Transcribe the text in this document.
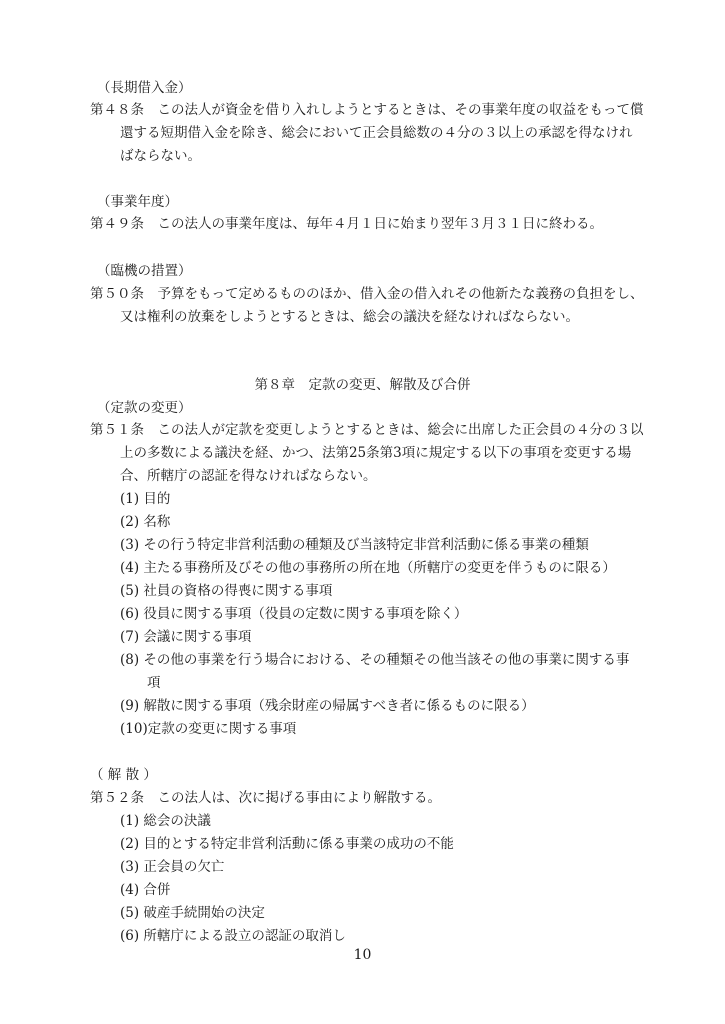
（長期借入金）
第４８条　この法人が資金を借り入れしようとするときは、その事業年度の収益をもって償
還する短期借入金を除き、総会において正会員総数の４分の３以上の承認を得なけれ
ばならない。
（事業年度）
第４９条　この法人の事業年度は、毎年４月１日に始まり翌年３月３１日に終わる。
（臨機の措置）
第５０条　予算をもって定めるもののほか、借入金の借入れその他新たな義務の負担をし、
又は権利の放棄をしようとするときは、総会の議決を経なければならない。
第８章　定款の変更、解散及び合併
（定款の変更）
第５１条　この法人が定款を変更しようとするときは、総会に出席した正会員の４分の３以
上の多数による議決を経、かつ、法第25条第3項に規定する以下の事項を変更する場
合、所轄庁の認証を得なければならない。
(1) 目的
(2) 名称
(3) その行う特定非営利活動の種類及び当該特定非営利活動に係る事業の種類
(4) 主たる事務所及びその他の事務所の所在地（所轄庁の変更を伴うものに限る）
(5) 社員の資格の得喪に関する事項
(6) 役員に関する事項（役員の定数に関する事項を除く）
(7) 会議に関する事項
(8) その他の事業を行う場合における、その種類その他当該その他の事業に関する事
項
(9) 解散に関する事項（残余財産の帰属すべき者に係るものに限る）
(10)定款の変更に関する事項
（ 解 散 ）
第５２条　この法人は、次に掲げる事由により解散する。
(1) 総会の決議
(2) 目的とする特定非営利活動に係る事業の成功の不能
(3) 正会員の欠亡
(4) 合併
(5) 破産手続開始の決定
(6) 所轄庁による設立の認証の取消し
10
